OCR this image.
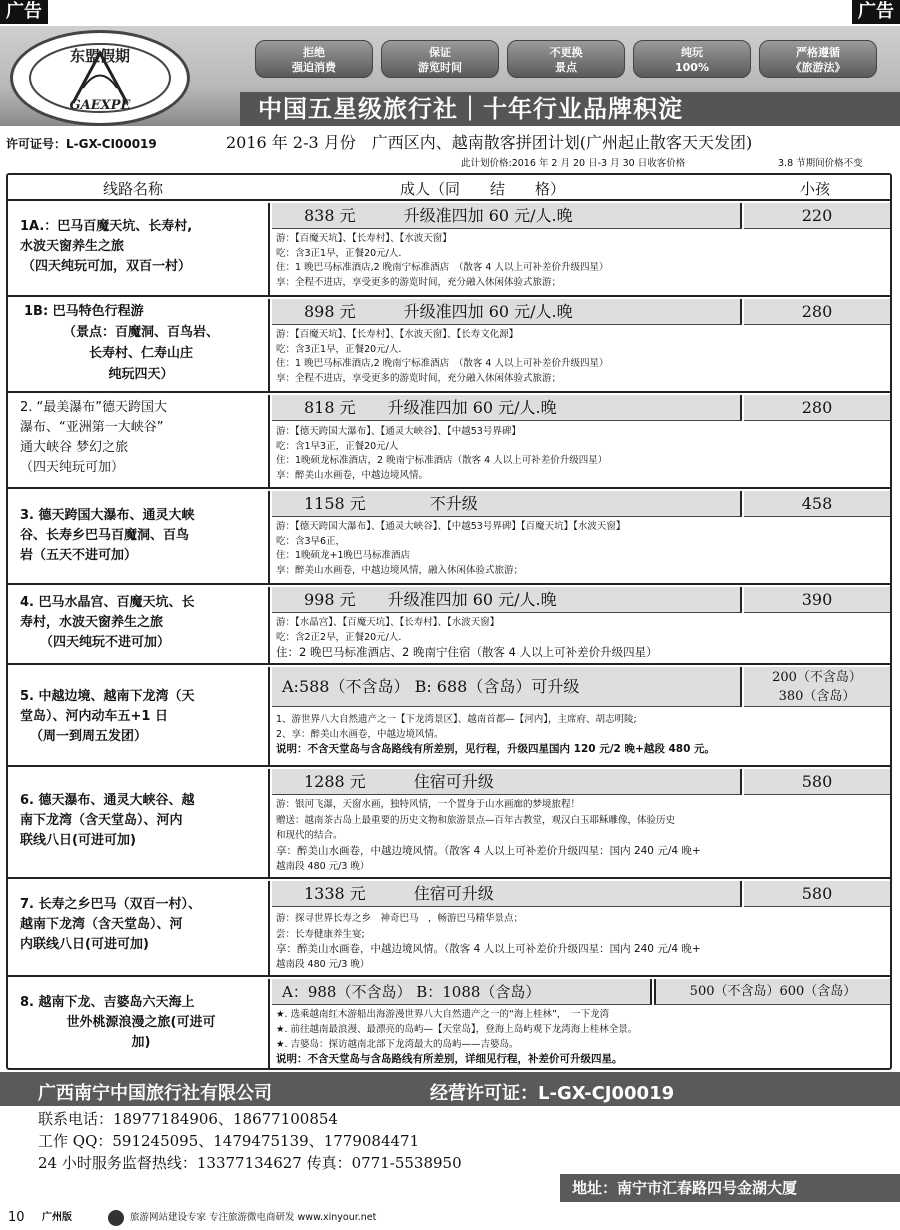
广告	广告
东盟假期
GAEXPE
拒绝
强迫消费
保证
游览时间
不更换
景点
纯玩
100%
严格遵循
《旅游法》
中国五星级旅行社｜十年行业品牌积淀
许可证号：L-GX-CI00019	2016 年 2-3 月份　广西区内、越南散客拼团计划(广州起止散客天天发团)
此计划价格:2016 年 2 月 20 日-3 月 30 日收客价格	3.8 节期间价格不变
线路名称	成人（同　　结　　格）	小孩
1A.：巴马百魔天坑、长寿村,
水波天窗养生之旅
（四天纯玩可加，双百一村）
838 元　　　升级准四加 60 元/人.晚	220

游：【百魔天坑】、【长寿村】、【水波天窗】

吃：含3正1早，正餐20元/人.

住：1 晚巴马标准酒店,2 晚南宁标准酒店　（散客 4 人以上可补差价升级四星）

享：全程不进店，享受更多的游览时间，充分融入休闲体验式旅游；

1B: 巴马特色行程游
（景点：百魔洞、百鸟岩、
长寿村、仁寿山庄
纯玩四天）
898 元　　　升级准四加 60 元/人.晚	280

游：【百魔天坑】、【长寿村】、【水波天窗】、【长寿文化源】

吃：含3正1早，正餐20元/人.

住：1 晚巴马标准酒店,2 晚南宁标准酒店　（散客 4 人以上可补差价升级四星）

享：全程不进店，享受更多的游览时间，充分融入休闲体验式旅游；

2. “最美瀑布”德天跨国大
瀑布、“亚洲第一大峡谷”
通大峡谷 梦幻之旅
（四天纯玩可加）
818 元　　升级准四加 60 元/人.晚	280

游：【德天跨国大瀑布】、【通灵大峡谷】、【中越53号界碑】

吃：含1早3正，正餐20元/人

住：1晚硕龙标准酒店，2 晚南宁标准酒店（散客 4 人以上可补差价升级四星）

享：醉美山水画卷，中越边境风情。

3. 德天跨国大瀑布、通灵大峡
谷、长寿乡巴马百魔洞、百鸟
岩（五天不进可加）
1158 元　　　　不升级	458

游：【德天跨国大瀑布】、【通灵大峡谷】、【中越53号界碑】【百魔天坑】【水波天窗】

吃：含3早6正，

住：1晚硕龙+1晚巴马标准酒店

享：醉美山水画卷，中越边境风情，融入休闲体验式旅游；

4. 巴马水晶宫、百魔天坑、长
寿村，水波天窗养生之旅
（四天纯玩不进可加）
998 元　　升级准四加 60 元/人.晚	390

游：【水晶宫】、【百魔天坑】、【长寿村】、【水波天窗】

吃：含2正2早，正餐20元/人.

住：2 晚巴马标准酒店、2 晚南宁住宿（散客 4 人以上可补差价升级四星）

5. 中越边境、越南下龙湾（天
堂岛）、河内动车五+1 日
（周一到周五发团）
A:588（不含岛） B: 688（含岛）可升级	200（不含岛）
380（含岛）

1、游世界八大自然遗产之一【下龙湾景区】、越南首都—【河内】，主席府、胡志明陵;

2、享：醉美山水画卷，中越边境风情。

说明：不含天堂岛与含岛路线有所差别，见行程，升级四星国内 120 元/2 晚+越段 480 元。

6. 德天瀑布、通灵大峡谷、越
南下龙湾（含天堂岛）、河内
联线八日(可进可加)
1288 元　　　住宿可升级	580

游：银河飞瀑，天窗水画，独特风情，一个置身于山水画廊的梦境旅程！

赠送：越南茶古岛上最重要的历史文物和旅游景点—百年古教堂，观汉白玉耶稣雕像，体验历史

和现代的结合。

享：醉美山水画卷，中越边境风情。（散客 4 人以上可补差价升级四星：国内 240 元/4 晚+

越南段 480 元/3 晚）

7. 长寿之乡巴马（双百一村）、
越南下龙湾（含天堂岛）、河
内联线八日(可进可加)
1338 元　　　住宿可升级	580

游：探寻世界长寿之乡　神奇巴马　，畅游巴马精华景点；

尝：长寿健康养生宴;

享：醉美山水画卷，中越边境风情。（散客 4 人以上可补差价升级四星：国内 240 元/4 晚+

越南段 480 元/3 晚）

8. 越南下龙、吉婆岛六天海上
世外桃源浪漫之旅(可进可
加)
A：988（不含岛） B：1088（含岛）	500（不含岛）600（含岛）

★. 选乘越南红木游船出海游漫世界八大自然遗产之一的“海上桂林”，　一下龙湾

★. 前往越南最浪漫、最漂亮的岛屿—【天堂岛】，登海上岛屿观下龙湾海上桂林全景。

★. 吉婆岛：探访越南北部下龙湾最大的岛屿——吉婆岛。

说明：不含天堂岛与含岛路线有所差别，详细见行程，补差价可升级四星。

广西南宁中国旅行社有限公司	经营许可证：L-GX-CJ00019
联系电话：18977184906、18677100854
工作 QQ：591245095、1479475139、1779084471
24 小时服务监督热线：13377134627 传真：0771-5538950
地址：南宁市汇春路四号金湖大厦
10 广州版	旅游网站建设专家 专注旅游微电商研发 www.xinyour.net
